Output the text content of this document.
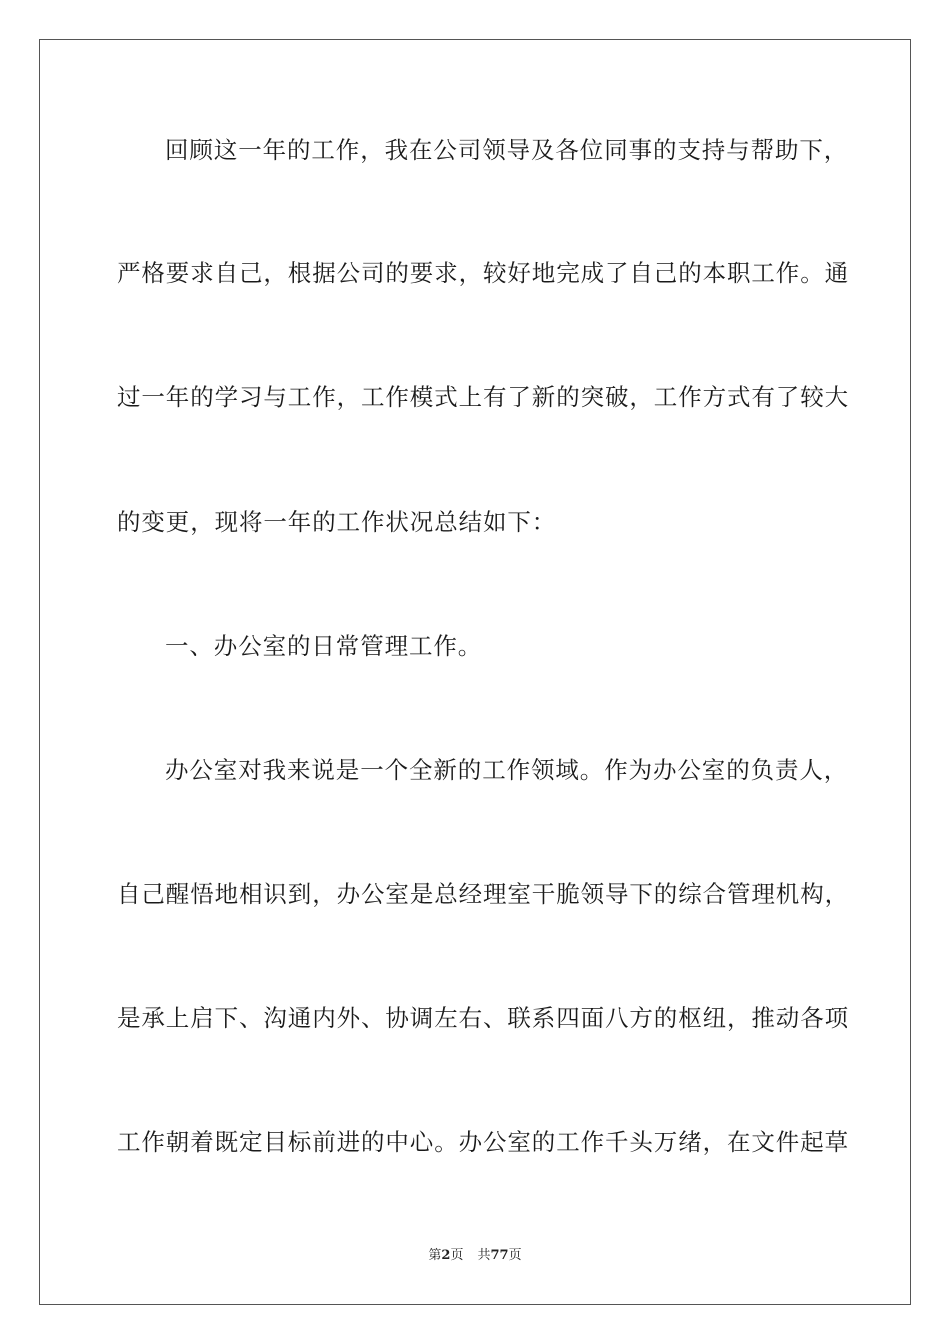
回顾这一年的工作，我在公司领导及各位同事的支持与帮助下，
严格要求自己，根据公司的要求，较好地完成了自己的本职工作。通
过一年的学习与工作，工作模式上有了新的突破，工作方式有了较大
的变更，现将一年的工作状况总结如下：
一、办公室的日常管理工作。
办公室对我来说是一个全新的工作领域。作为办公室的负责人，
自己醒悟地相识到，办公室是总经理室干脆领导下的综合管理机构，
是承上启下、沟通内外、协调左右、联系四面八方的枢纽，推动各项
工作朝着既定目标前进的中心。办公室的工作千头万绪，在文件起草
第2页 共77页
